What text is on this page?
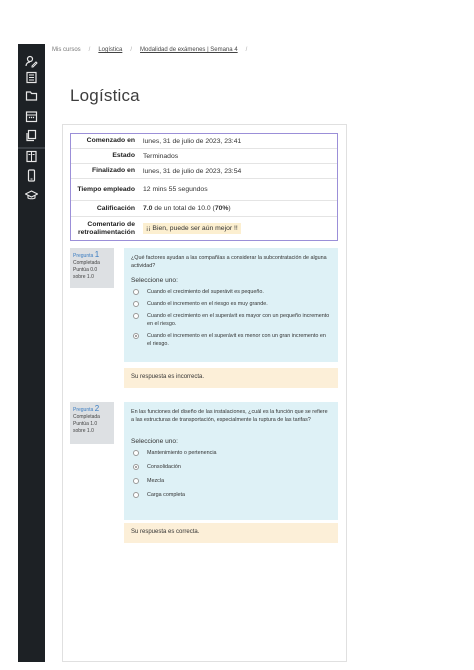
Mis cursos / Logística / Modalidad de exámenes | Semana 4 /
Logística
Comenzado en	lunes, 31 de julio de 2023, 23:41
Estado	Terminados
Finalizado en	lunes, 31 de julio de 2023, 23:54
Tiempo empleado	12 mins 55 segundos
Calificación	7.0 de un total de 10.0 (70%)
Comentario de retroalimentación	¡¡ Bien, puede ser aún mejor !!
Pregunta 1
Completada
Puntúa 0.0
sobre 1.0
¿Qué factores ayudan a las compañías a considerar la subcontratación de alguna actividad?
Seleccione uno:
Cuando el crecimiento del superávit es pequeño.
Cuando el incremento en el riesgo es muy grande.
Cuando el crecimiento en el superávit es mayor con un pequeño incremento en el riesgo.
Cuando el incremento en el superávit es menor con un gran incremento en el riesgo.
Su respuesta es incorrecta.
Pregunta 2
Completada
Puntúa 1.0
sobre 1.0
En las funciones del diseño de las instalaciones, ¿cuál es la función que se refiere a las estructuras de transportación, especialmente la ruptura de las tarifas?
Seleccione uno:
Mantenimiento o pertenencia
Consolidación
Mezcla
Carga completa
Su respuesta es correcta.
